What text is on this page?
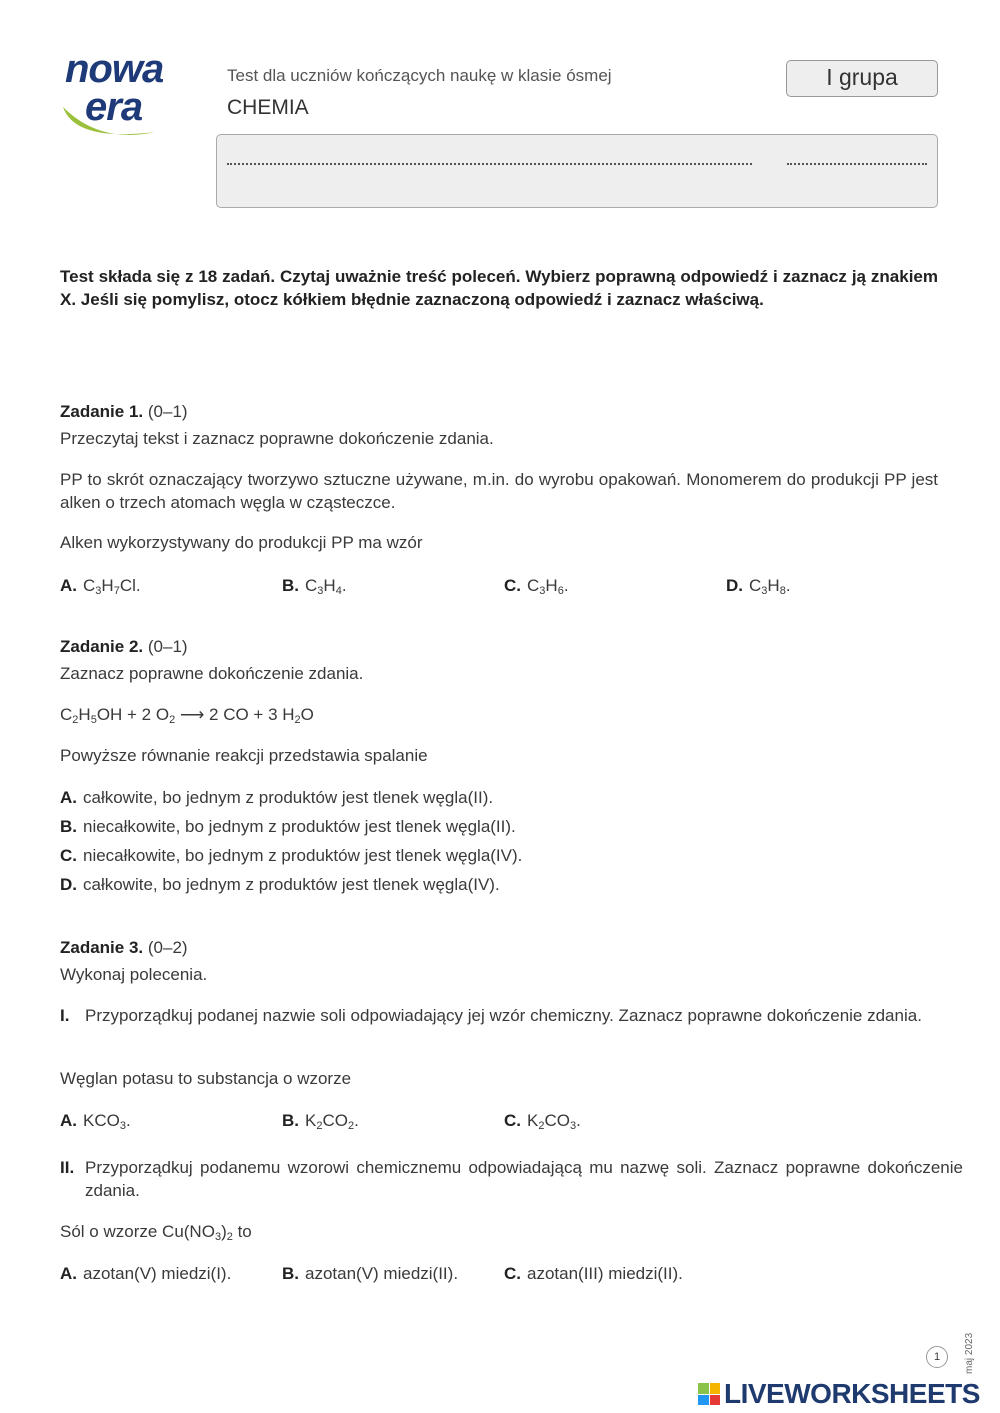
nowa
era
Test dla uczniów kończących naukę w klasie ósmej
CHEMIA
I grupa
Test składa się z 18 zadań. Czytaj uważnie treść poleceń. Wybierz poprawną odpowiedź i zaznacz ją znakiem X. Jeśli się pomylisz, otocz kółkiem błędnie zaznaczoną odpowiedź i zaznacz właściwą.
Zadanie 1. (0–1)
Przeczytaj tekst i zaznacz poprawne dokończenie zdania.
PP to skrót oznaczający tworzywo sztuczne używane, m.in. do wyrobu opakowań. Monomerem do produkcji PP jest alken o trzech atomach węgla w cząsteczce.
Alken wykorzystywany do produkcji PP ma wzór
A. $C_3H_7Cl$.	B. $C_3H_4$.	C. $C_3H_6$.	D. $C_3H_8$.
Zadanie 2. (0–1)
Zaznacz poprawne dokończenie zdania.
$C_2H_5OH + 2$ $O_2$ ⟶ 2 CO + 3 $H_2O$
Powyższe równanie reakcji przedstawia spalanie
A. całkowite, bo jednym z produktów jest tlenek węgla(II).
B. niecałkowite, bo jednym z produktów jest tlenek węgla(II).
C. niecałkowite, bo jednym z produktów jest tlenek węgla(IV).
D. całkowite, bo jednym z produktów jest tlenek węgla(IV).
Zadanie 3. (0–2)
Wykonaj polecenia.
I. Przyporządkuj podanej nazwie soli odpowiadający jej wzór chemiczny. Zaznacz poprawne dokończenie zdania.
Węglan potasu to substancja o wzorze
A. $KCO_3$.	B. $K_2CO_2$.	C. $K_2CO_3$.
II. Przyporządkuj podanemu wzorowi chemicznemu odpowiadającą mu nazwę soli. Zaznacz poprawne dokończenie zdania.
Sól o wzorze $Cu(NO_3)_2$ to
A. azotan(V) miedzi(I).	B. azotan(V) miedzi(II).	C. azotan(III) miedzi(II).
1	maj 2023
LIVEWORKSHEETS
